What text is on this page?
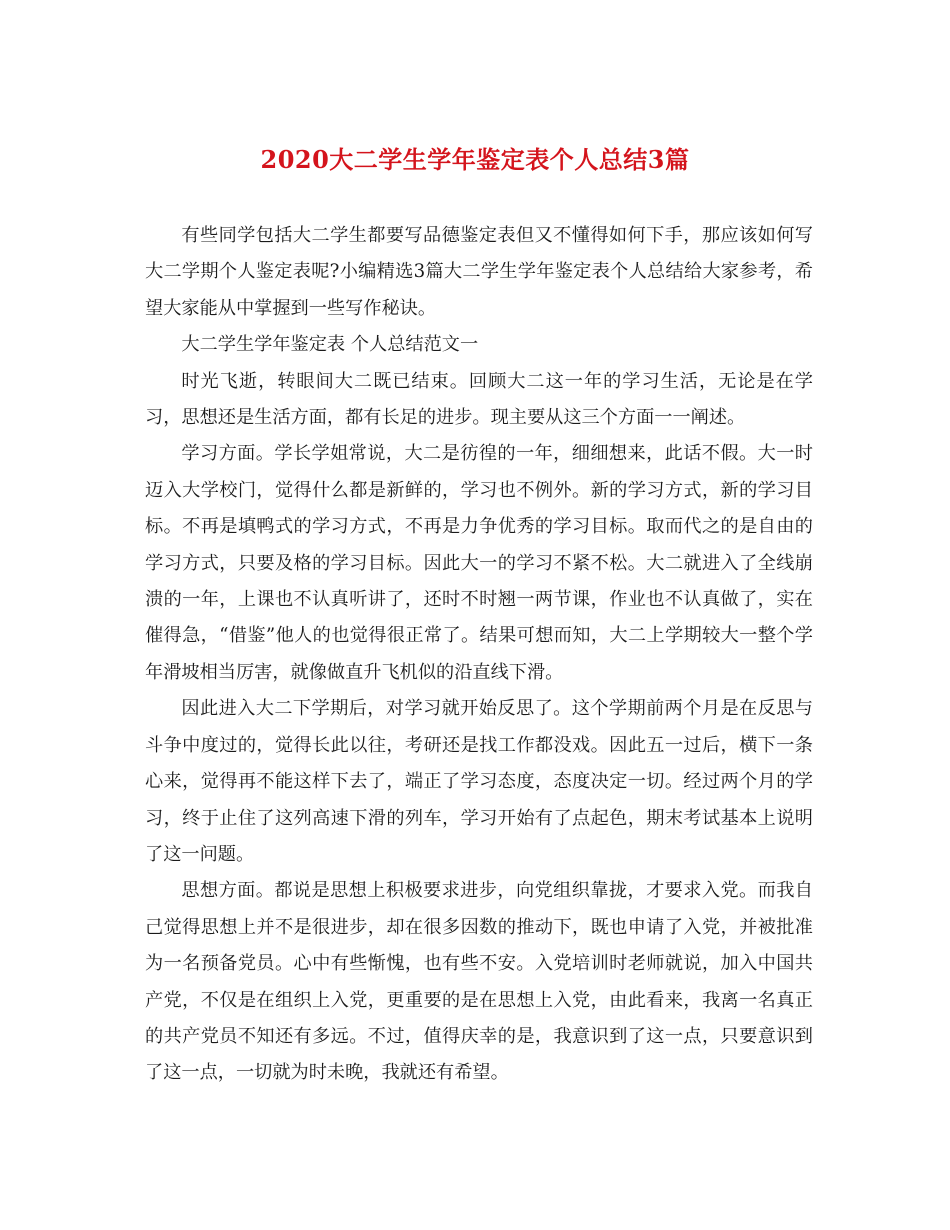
2020大二学生学年鉴定表个人总结3篇

有些同学包括大二学生都要写品德鉴定表但又不懂得如何下手，那应该如何写大二学期个人鉴定表呢?小编精选3篇大二学生学年鉴定表个人总结给大家参考，希望大家能从中掌握到一些写作秘诀。

大二学生学年鉴定表 个人总结范文一

时光飞逝，转眼间大二既已结束。回顾大二这一年的学习生活，无论是在学习，思想还是生活方面，都有长足的进步。现主要从这三个方面一一阐述。

学习方面。学长学姐常说，大二是彷徨的一年，细细想来，此话不假。大一时迈入大学校门，觉得什么都是新鲜的，学习也不例外。新的学习方式，新的学习目标。不再是填鸭式的学习方式，不再是力争优秀的学习目标。取而代之的是自由的学习方式，只要及格的学习目标。因此大一的学习不紧不松。大二就进入了全线崩溃的一年，上课也不认真听讲了，还时不时翘一两节课，作业也不认真做了，实在催得急，“借鉴”他人的也觉得很正常了。结果可想而知，大二上学期较大一整个学年滑坡相当厉害，就像做直升飞机似的沿直线下滑。

因此进入大二下学期后，对学习就开始反思了。这个学期前两个月是在反思与斗争中度过的，觉得长此以往，考研还是找工作都没戏。因此五一过后，横下一条心来，觉得再不能这样下去了，端正了学习态度，态度决定一切。经过两个月的学习，终于止住了这列高速下滑的列车，学习开始有了点起色，期末考试基本上说明了这一问题。

思想方面。都说是思想上积极要求进步，向党组织靠拢，才要求入党。而我自己觉得思想上并不是很进步，却在很多因数的推动下，既也申请了入党，并被批准为一名预备党员。心中有些惭愧，也有些不安。入党培训时老师就说，加入中国共产党，不仅是在组织上入党，更重要的是在思想上入党，由此看来，我离一名真正的共产党员不知还有多远。不过，值得庆幸的是，我意识到了这一点，只要意识到了这一点，一切就为时未晚，我就还有希望。
